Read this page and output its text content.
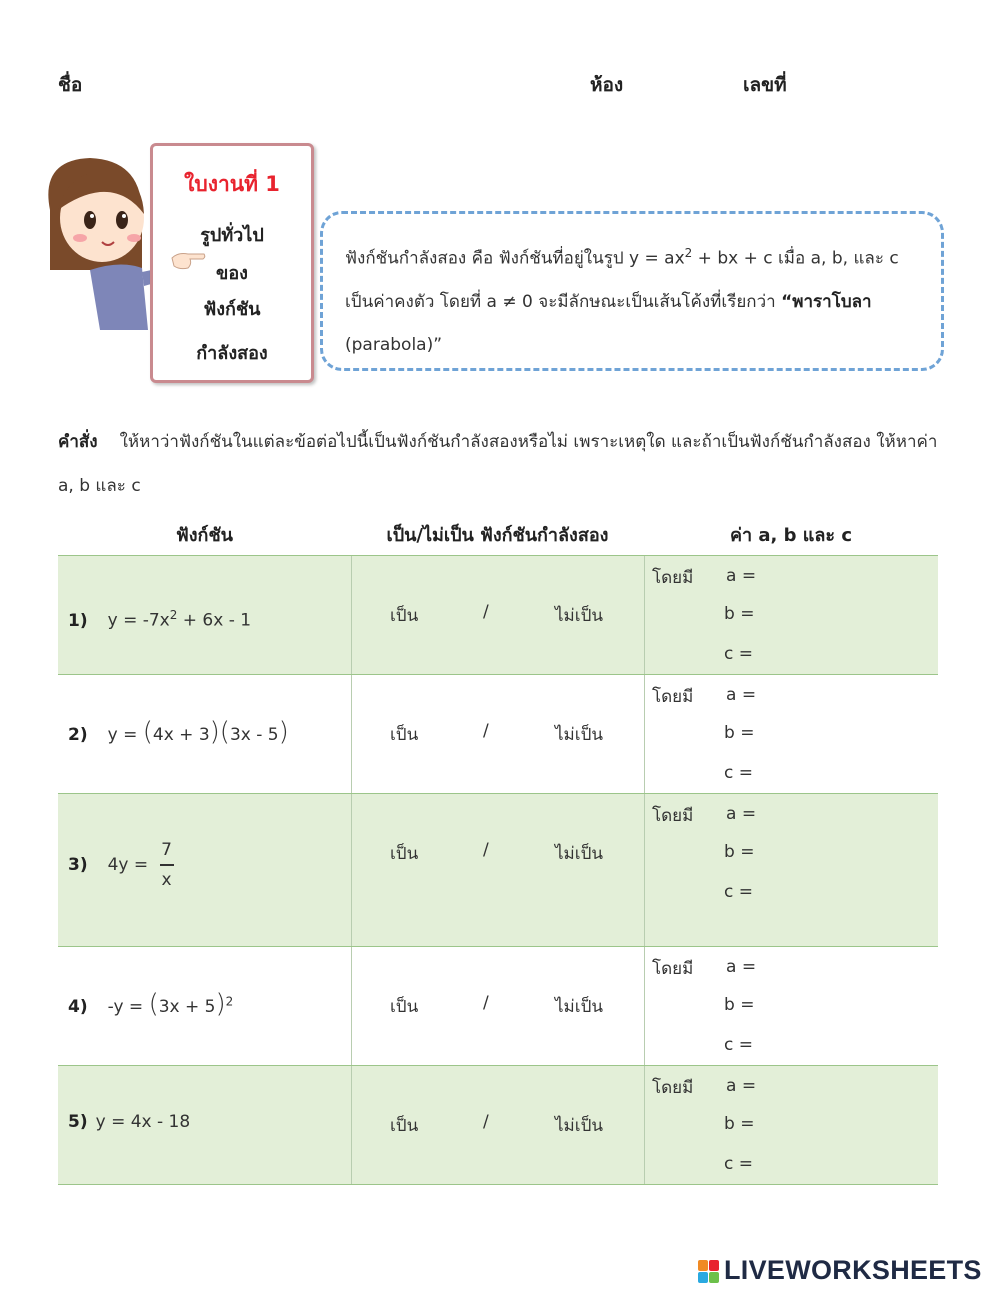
ชื่อ	ห้อง	เลขที่
ใบงานที่ 1
รูปทั่วไป
ของ
ฟังก์ชัน
กำลังสอง
ฟังก์ชันกำลังสอง คือ ฟังก์ชันที่อยู่ในรูป $y = ax^2$ + bx + c เมื่อ a, b, และ c เป็นค่าคงตัว โดยที่ a ≠ 0 จะมีลักษณะเป็นเส้นโค้งที่เรียกว่า “พาราโบลา (parabola)”
คำสั่ง ให้หาว่าฟังก์ชันในแต่ละข้อต่อไปนี้เป็นฟังก์ชันกำลังสองหรือไม่ เพราะเหตุใด และถ้าเป็นฟังก์ชันกำลังสอง ให้หาค่า a, b และ c
ฟังก์ชัน	เป็น/ไม่เป็น ฟังก์ชันกำลังสอง	ค่า a, b และ c
1) $y = -7x^2 + 6x - 1$	เป็น	/	ไม่เป็น
โดยมี a =
b =
c =
2) y = (4x + 3)(3x - 5)	เป็น	/	ไม่เป็น
โดยมี a =
b =
c =
3) $4y = \frac{7}{x}$	เป็น	/	ไม่เป็น
โดยมี a =
b =
c =
4) $-y = (3x + 5)^2$	เป็น	/	ไม่เป็น
โดยมี a =
b =
c =
5) y = 4x - 18	เป็น	/	ไม่เป็น
โดยมี a =
b =
c =
LIVEWORKSHEETS
